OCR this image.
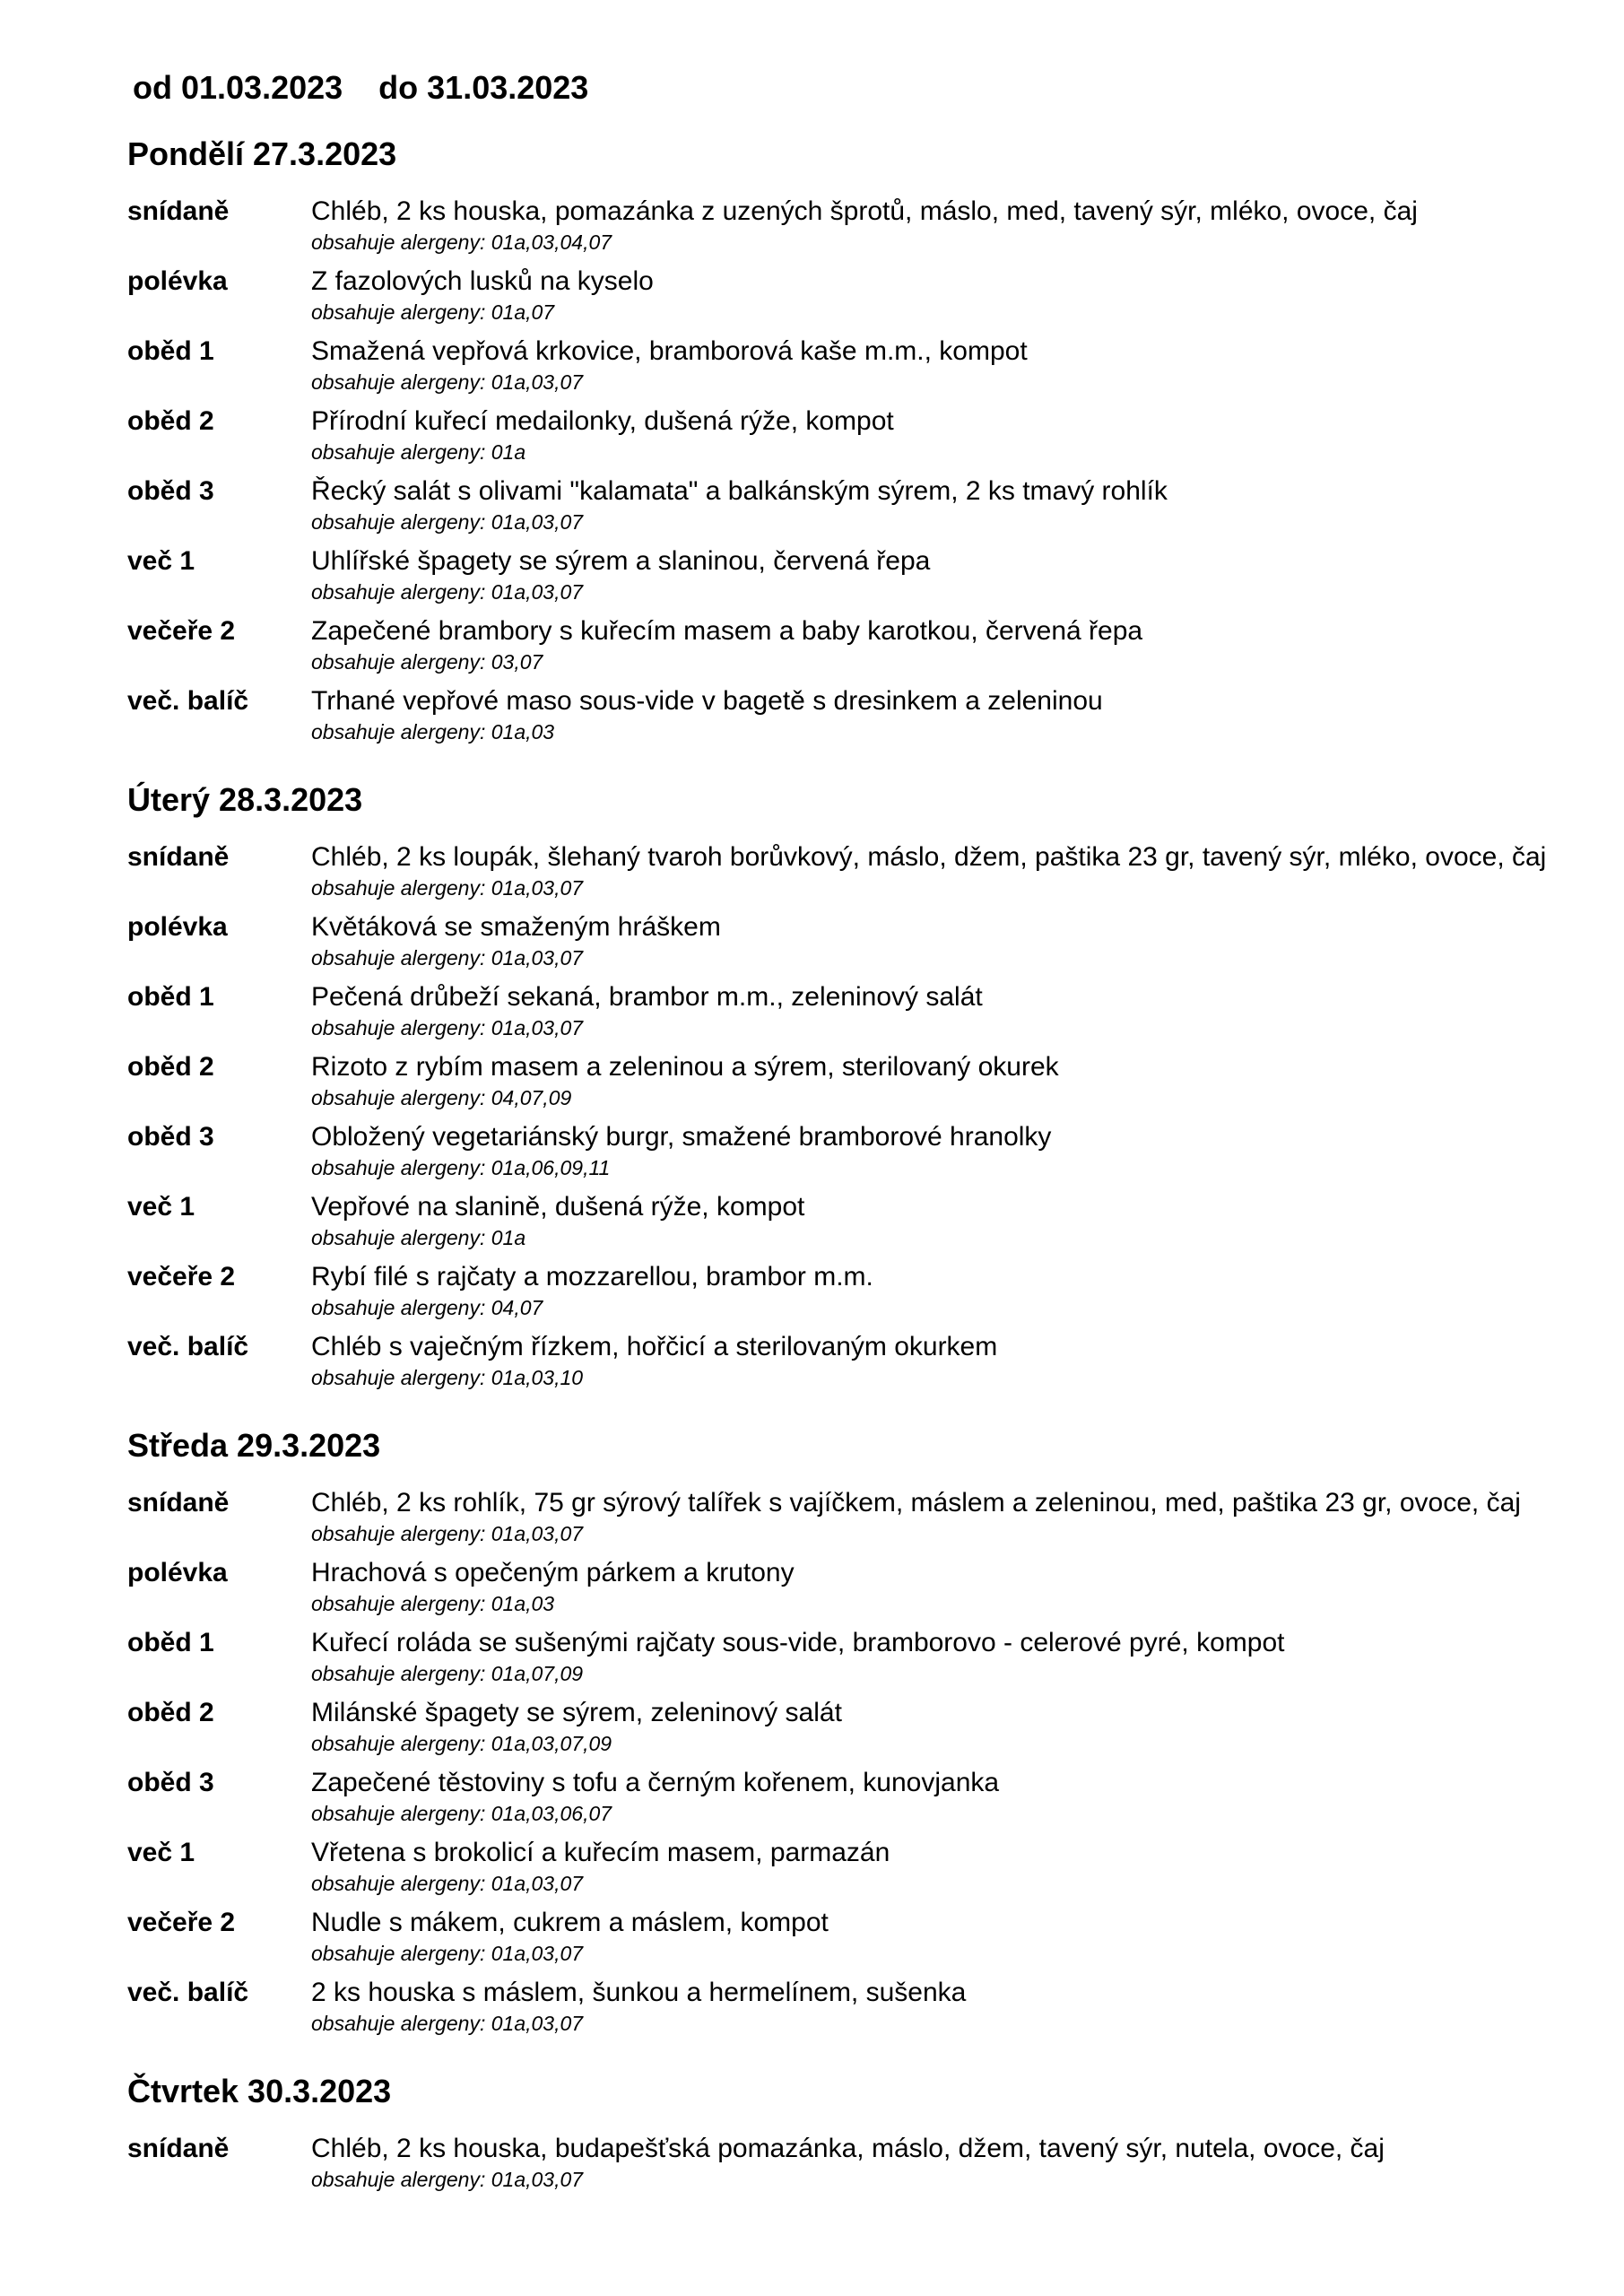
od 01.03.2023 do 31.03.2023
Pondělí 27.3.2023
snídaně	Chléb, 2 ks houska, pomazánka z uzených šprotů, máslo, med, tavený sýr, mléko, ovoce, čaj
obsahuje alergeny: 01a,03,04,07
polévka	Z fazolových lusků na kyselo
obsahuje alergeny: 01a,07
oběd 1	Smažená vepřová krkovice, bramborová kaše m.m., kompot
obsahuje alergeny: 01a,03,07
oběd 2	Přírodní kuřecí medailonky, dušená rýže, kompot
obsahuje alergeny: 01a
oběd 3	Řecký salát s olivami "kalamata" a balkánským sýrem, 2 ks tmavý rohlík
obsahuje alergeny: 01a,03,07
več 1	Uhlířské špagety se sýrem a slaninou, červená řepa
obsahuje alergeny: 01a,03,07
večeře 2	Zapečené brambory s kuřecím masem a baby karotkou, červená řepa
obsahuje alergeny: 03,07
več. balíč	Trhané vepřové maso sous-vide v bagetě s dresinkem a zeleninou
obsahuje alergeny: 01a,03
Úterý 28.3.2023
snídaně	Chléb, 2 ks loupák, šlehaný tvaroh borůvkový, máslo, džem, paštika 23 gr, tavený sýr, mléko, ovoce, čaj
obsahuje alergeny: 01a,03,07
polévka	Květáková se smaženým hráškem
obsahuje alergeny: 01a,03,07
oběd 1	Pečená drůbeží sekaná, brambor m.m., zeleninový salát
obsahuje alergeny: 01a,03,07
oběd 2	Rizoto z rybím masem a zeleninou a sýrem, sterilovaný okurek
obsahuje alergeny: 04,07,09
oběd 3	Obložený vegetariánský burgr, smažené bramborové hranolky
obsahuje alergeny: 01a,06,09,11
več 1	Vepřové na slanině, dušená rýže, kompot
obsahuje alergeny: 01a
večeře 2	Rybí filé s rajčaty a mozzarellou, brambor m.m.
obsahuje alergeny: 04,07
več. balíč	Chléb s vaječným řízkem, hořčicí a sterilovaným okurkem
obsahuje alergeny: 01a,03,10
Středa 29.3.2023
snídaně	Chléb, 2 ks rohlík, 75 gr sýrový talířek s vajíčkem, máslem a zeleninou, med, paštika 23 gr, ovoce, čaj
obsahuje alergeny: 01a,03,07
polévka	Hrachová s opečeným párkem a krutony
obsahuje alergeny: 01a,03
oběd 1	Kuřecí roláda se sušenými rajčaty sous-vide, bramborovo - celerové pyré, kompot
obsahuje alergeny: 01a,07,09
oběd 2	Milánské špagety se sýrem, zeleninový salát
obsahuje alergeny: 01a,03,07,09
oběd 3	Zapečené těstoviny s tofu a černým kořenem, kunovjanka
obsahuje alergeny: 01a,03,06,07
več 1	Vřetena s brokolicí a kuřecím masem, parmazán
obsahuje alergeny: 01a,03,07
večeře 2	Nudle s mákem, cukrem a máslem, kompot
obsahuje alergeny: 01a,03,07
več. balíč	2 ks houska s máslem, šunkou a hermelínem, sušenka
obsahuje alergeny: 01a,03,07
Čtvrtek 30.3.2023
snídaně	Chléb, 2 ks houska, budapešťská pomazánka, máslo, džem, tavený sýr, nutela, ovoce, čaj
obsahuje alergeny: 01a,03,07
